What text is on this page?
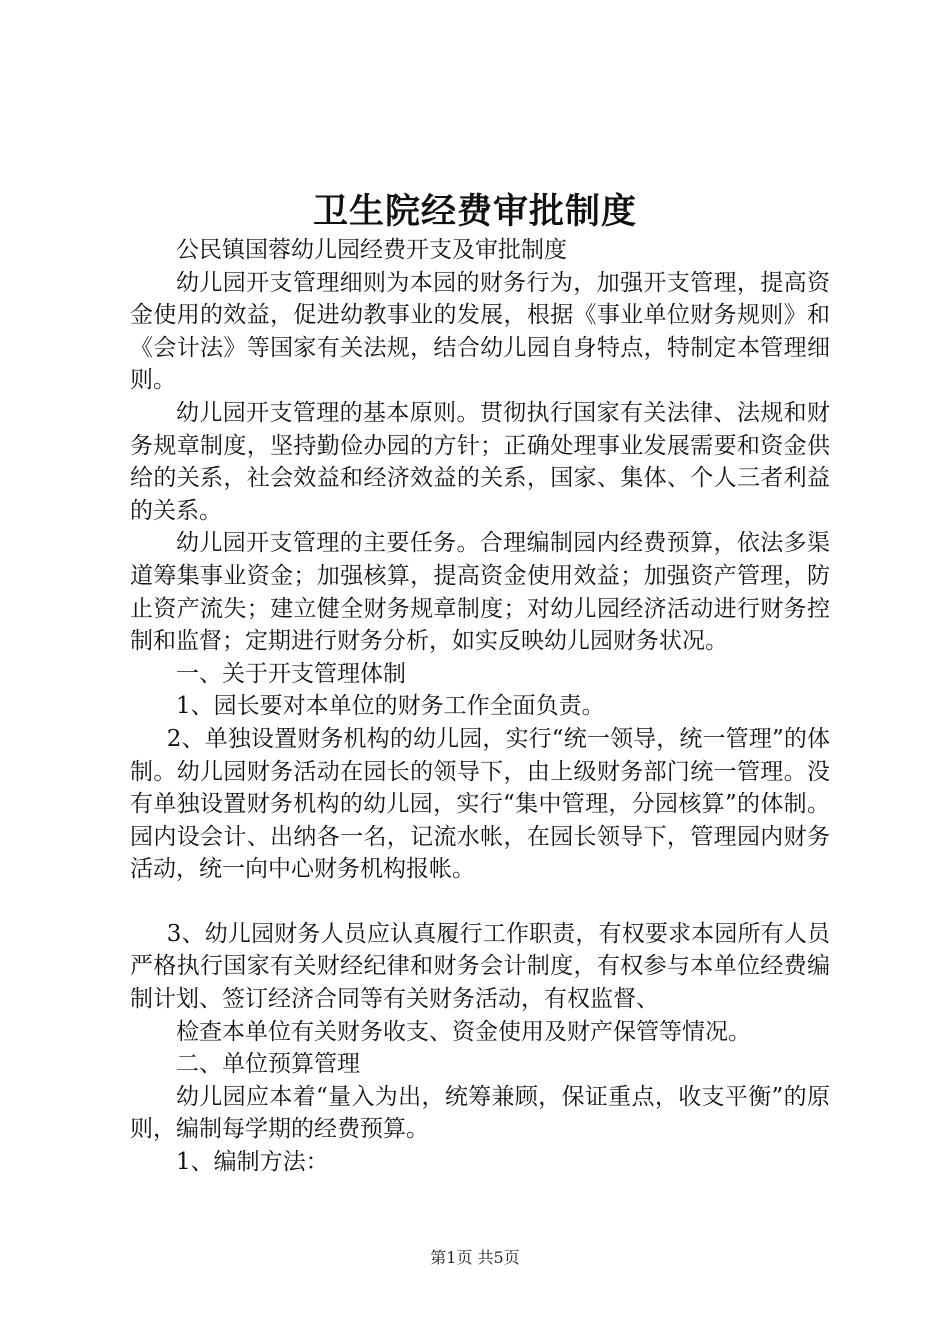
卫生院经费审批制度

公民镇国蓉幼儿园经费开支及审批制度

幼儿园开支管理细则为本园的财务行为，加强开支管理，提高资金使用的效益，促进幼教事业的发展，根据《事业单位财务规则》和《会计法》等国家有关法规，结合幼儿园自身特点，特制定本管理细则。

幼儿园开支管理的基本原则。贯彻执行国家有关法律、法规和财务规章制度，坚持勤俭办园的方针；正确处理事业发展需要和资金供给的关系，社会效益和经济效益的关系，国家、集体、个人三者利益的关系。

幼儿园开支管理的主要任务。合理编制园内经费预算，依法多渠道筹集事业资金；加强核算，提高资金使用效益；加强资产管理，防止资产流失；建立健全财务规章制度；对幼儿园经济活动进行财务控制和监督；定期进行财务分析，如实反映幼儿园财务状况。

一、关于开支管理体制

1、园长要对本单位的财务工作全面负责。

2、单独设置财务机构的幼儿园，实行“统一领导，统一管理”的体制。幼儿园财务活动在园长的领导下，由上级财务部门统一管理。没有单独设置财务机构的幼儿园，实行“集中管理，分园核算”的体制。园内设会计、出纳各一名，记流水帐，在园长领导下，管理园内财务活动，统一向中心财务机构报帐。

3、幼儿园财务人员应认真履行工作职责，有权要求本园所有人员严格执行国家有关财经纪律和财务会计制度，有权参与本单位经费编制计划、签订经济合同等有关财务活动，有权监督、

检查本单位有关财务收支、资金使用及财产保管等情况。

二、单位预算管理

幼儿园应本着“量入为出，统筹兼顾，保证重点，收支平衡”的原则，编制每学期的经费预算。

1、编制方法：

第1页 共5页
